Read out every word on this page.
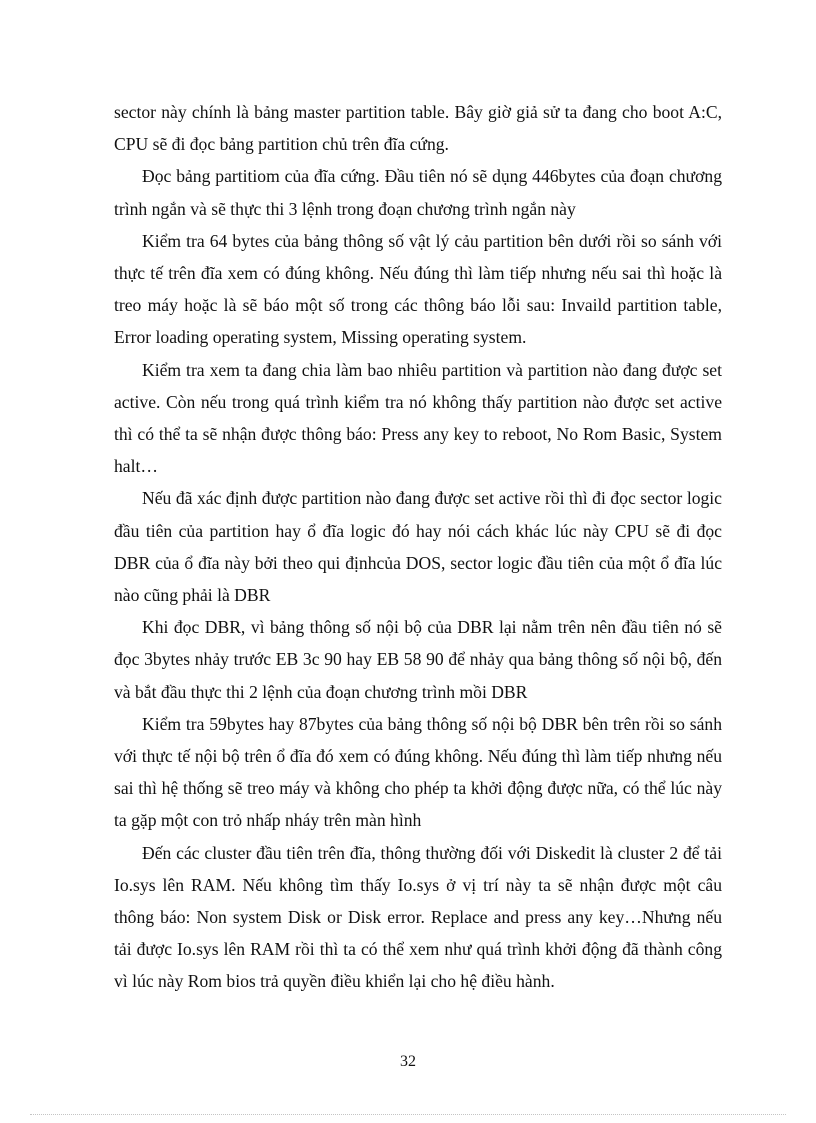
sector này chính là bảng master partition table. Bây giờ giả sử ta đang cho boot A:C, CPU sẽ đi đọc bảng partition chủ trên đĩa cứng.

Đọc bảng partitiom của đĩa cứng. Đầu tiên nó sẽ dụng 446bytes của đoạn chương trình ngắn và sẽ thực thi 3 lệnh trong đoạn chương trình ngắn này

Kiểm tra 64 bytes của bảng thông số vật lý cảu partition bên dưới rồi so sánh với thực tế trên đĩa xem có đúng không. Nếu đúng thì làm tiếp nhưng nếu sai thì hoặc là treo máy hoặc là sẽ báo một số trong các thông báo lỗi sau: Invaild partition table, Error loading operating system, Missing operating system.

Kiểm tra xem ta đang chia làm bao nhiêu partition và partition nào đang được set active. Còn nếu trong quá trình kiểm tra nó không thấy partition nào được set active thì có thể ta sẽ nhận được thông báo: Press any key to reboot, No Rom Basic, System halt…

Nếu đã xác định được partition nào đang được set active rồi thì đi đọc sector logic đầu tiên của partition hay ổ đĩa logic đó hay nói cách khác lúc này CPU sẽ đi đọc DBR của ổ đĩa này bởi theo qui địnhcủa DOS, sector logic đầu tiên của một ổ đĩa lúc nào cũng phải là DBR

Khi đọc DBR, vì bảng thông số nội bộ của DBR lại nằm trên nên đầu tiên nó sẽ đọc 3bytes nhảy trước EB 3c 90 hay EB 58 90 để nhảy qua bảng thông số nội bộ, đến và bắt đầu thực thi 2 lệnh của đoạn chương trình mồi DBR

Kiểm tra 59bytes hay 87bytes của bảng thông số nội bộ DBR bên trên rồi so sánh với thực tế nội bộ trên ổ đĩa đó xem có đúng không. Nếu đúng thì làm tiếp nhưng nếu sai thì hệ thống sẽ treo máy và không cho phép ta khởi động được nữa, có thể lúc này ta gặp một con trỏ nhấp nháy trên màn hình

Đến các cluster đầu tiên trên đĩa, thông thường đối với Diskedit là cluster 2 để tải Io.sys lên RAM. Nếu không tìm thấy Io.sys ở vị trí này ta sẽ nhận được một câu thông báo: Non system Disk or Disk error. Replace and press any key…Nhưng nếu tải được Io.sys lên RAM rồi thì ta có thể xem như quá trình khởi động đã thành công vì lúc này Rom bios trả quyền điều khiển lại cho hệ điều hành.

32
